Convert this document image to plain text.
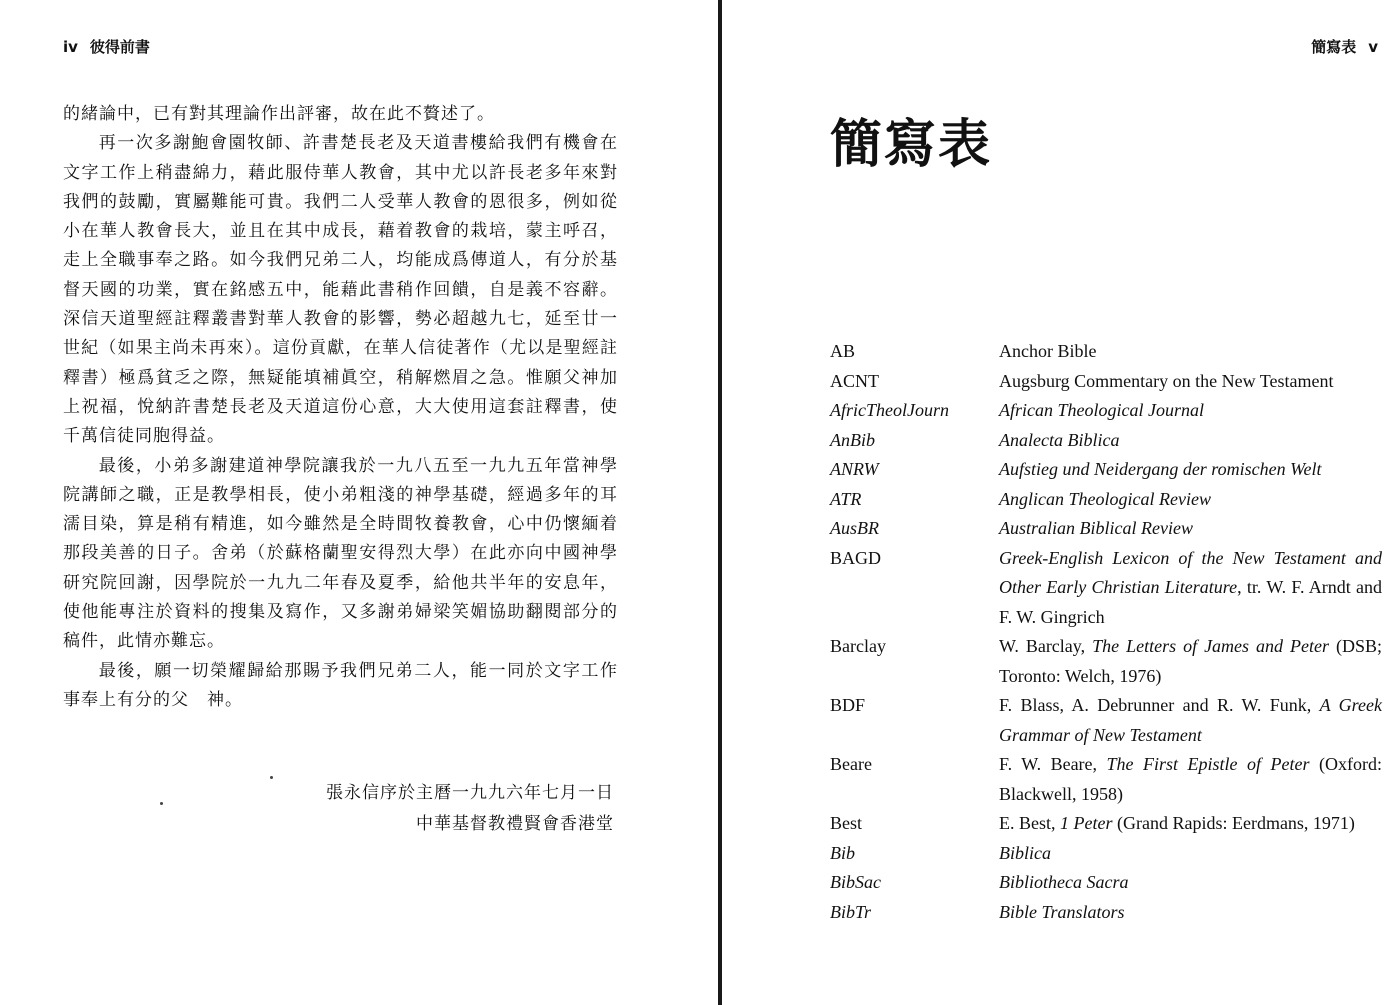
iv 彼得前書

的緒論中，已有對其理論作出評審，故在此不贅述了。

再一次多謝鮑會園牧師、許書楚長老及天道書樓給我們有機會在文字工作上稍盡綿力，藉此服侍華人教會，其中尤以許長老多年來對我們的鼓勵，實屬難能可貴。我們二人受華人教會的恩很多，例如從小在華人教會長大，並且在其中成長，藉着教會的栽培，蒙主呼召，走上全職事奉之路。如今我們兄弟二人，均能成爲傳道人，有分於基督天國的功業，實在銘感五中，能藉此書稍作回饋，自是義不容辭。深信天道聖經註釋叢書對華人教會的影響，勢必超越九七，延至廿一世紀（如果主尚未再來）。這份貢獻，在華人信徒著作（尤以是聖經註釋書）極爲貧乏之際，無疑能填補眞空，稍解燃眉之急。惟願父神加上祝福，悅納許書楚長老及天道這份心意，大大使用這套註釋書，使千萬信徒同胞得益。

最後，小弟多謝建道神學院讓我於一九八五至一九九五年當神學院講師之職，正是教學相長，使小弟粗淺的神學基礎，經過多年的耳濡目染，算是稍有精進，如今雖然是全時間牧養教會，心中仍懷緬着那段美善的日子。舍弟（於蘇格蘭聖安得烈大學）在此亦向中國神學研究院回謝，因學院於一九九二年春及夏季，給他共半年的安息年，使他能專注於資料的搜集及寫作，又多謝弟婦梁笑媚協助翻閱部分的稿件，此情亦難忘。

最後，願一切榮耀歸給那賜予我們兄弟二人，能一同於文字工作事奉上有分的父　神。

張永信序於主曆一九九六年七月一日
中華基督教禮賢會香港堂
簡寫表 v
簡寫表
AB	Anchor Bible
ACNT	Augsburg Commentary on the New Testament
AfricTheolJourn	African Theological Journal
AnBib	Analecta Biblica
ANRW	Aufstieg und Neidergang der romischen Welt
ATR	Anglican Theological Review
AusBR	Australian Biblical Review
BAGD	Greek-English Lexicon of the New Testament and Other Early Christian Literature, tr. W. F. Arndt and F. W. Gingrich
Barclay	W. Barclay, The Letters of James and Peter (DSB; Toronto: Welch, 1976)
BDF	F. Blass, A. Debrunner and R. W. Funk, A Greek Grammar of New Testament
Beare	F. W. Beare, The First Epistle of Peter (Oxford: Blackwell, 1958)
Best	E. Best, 1 Peter (Grand Rapids: Eerdmans, 1971)
Bib	Biblica
BibSac	Bibliotheca Sacra
BibTr	Bible Translators
